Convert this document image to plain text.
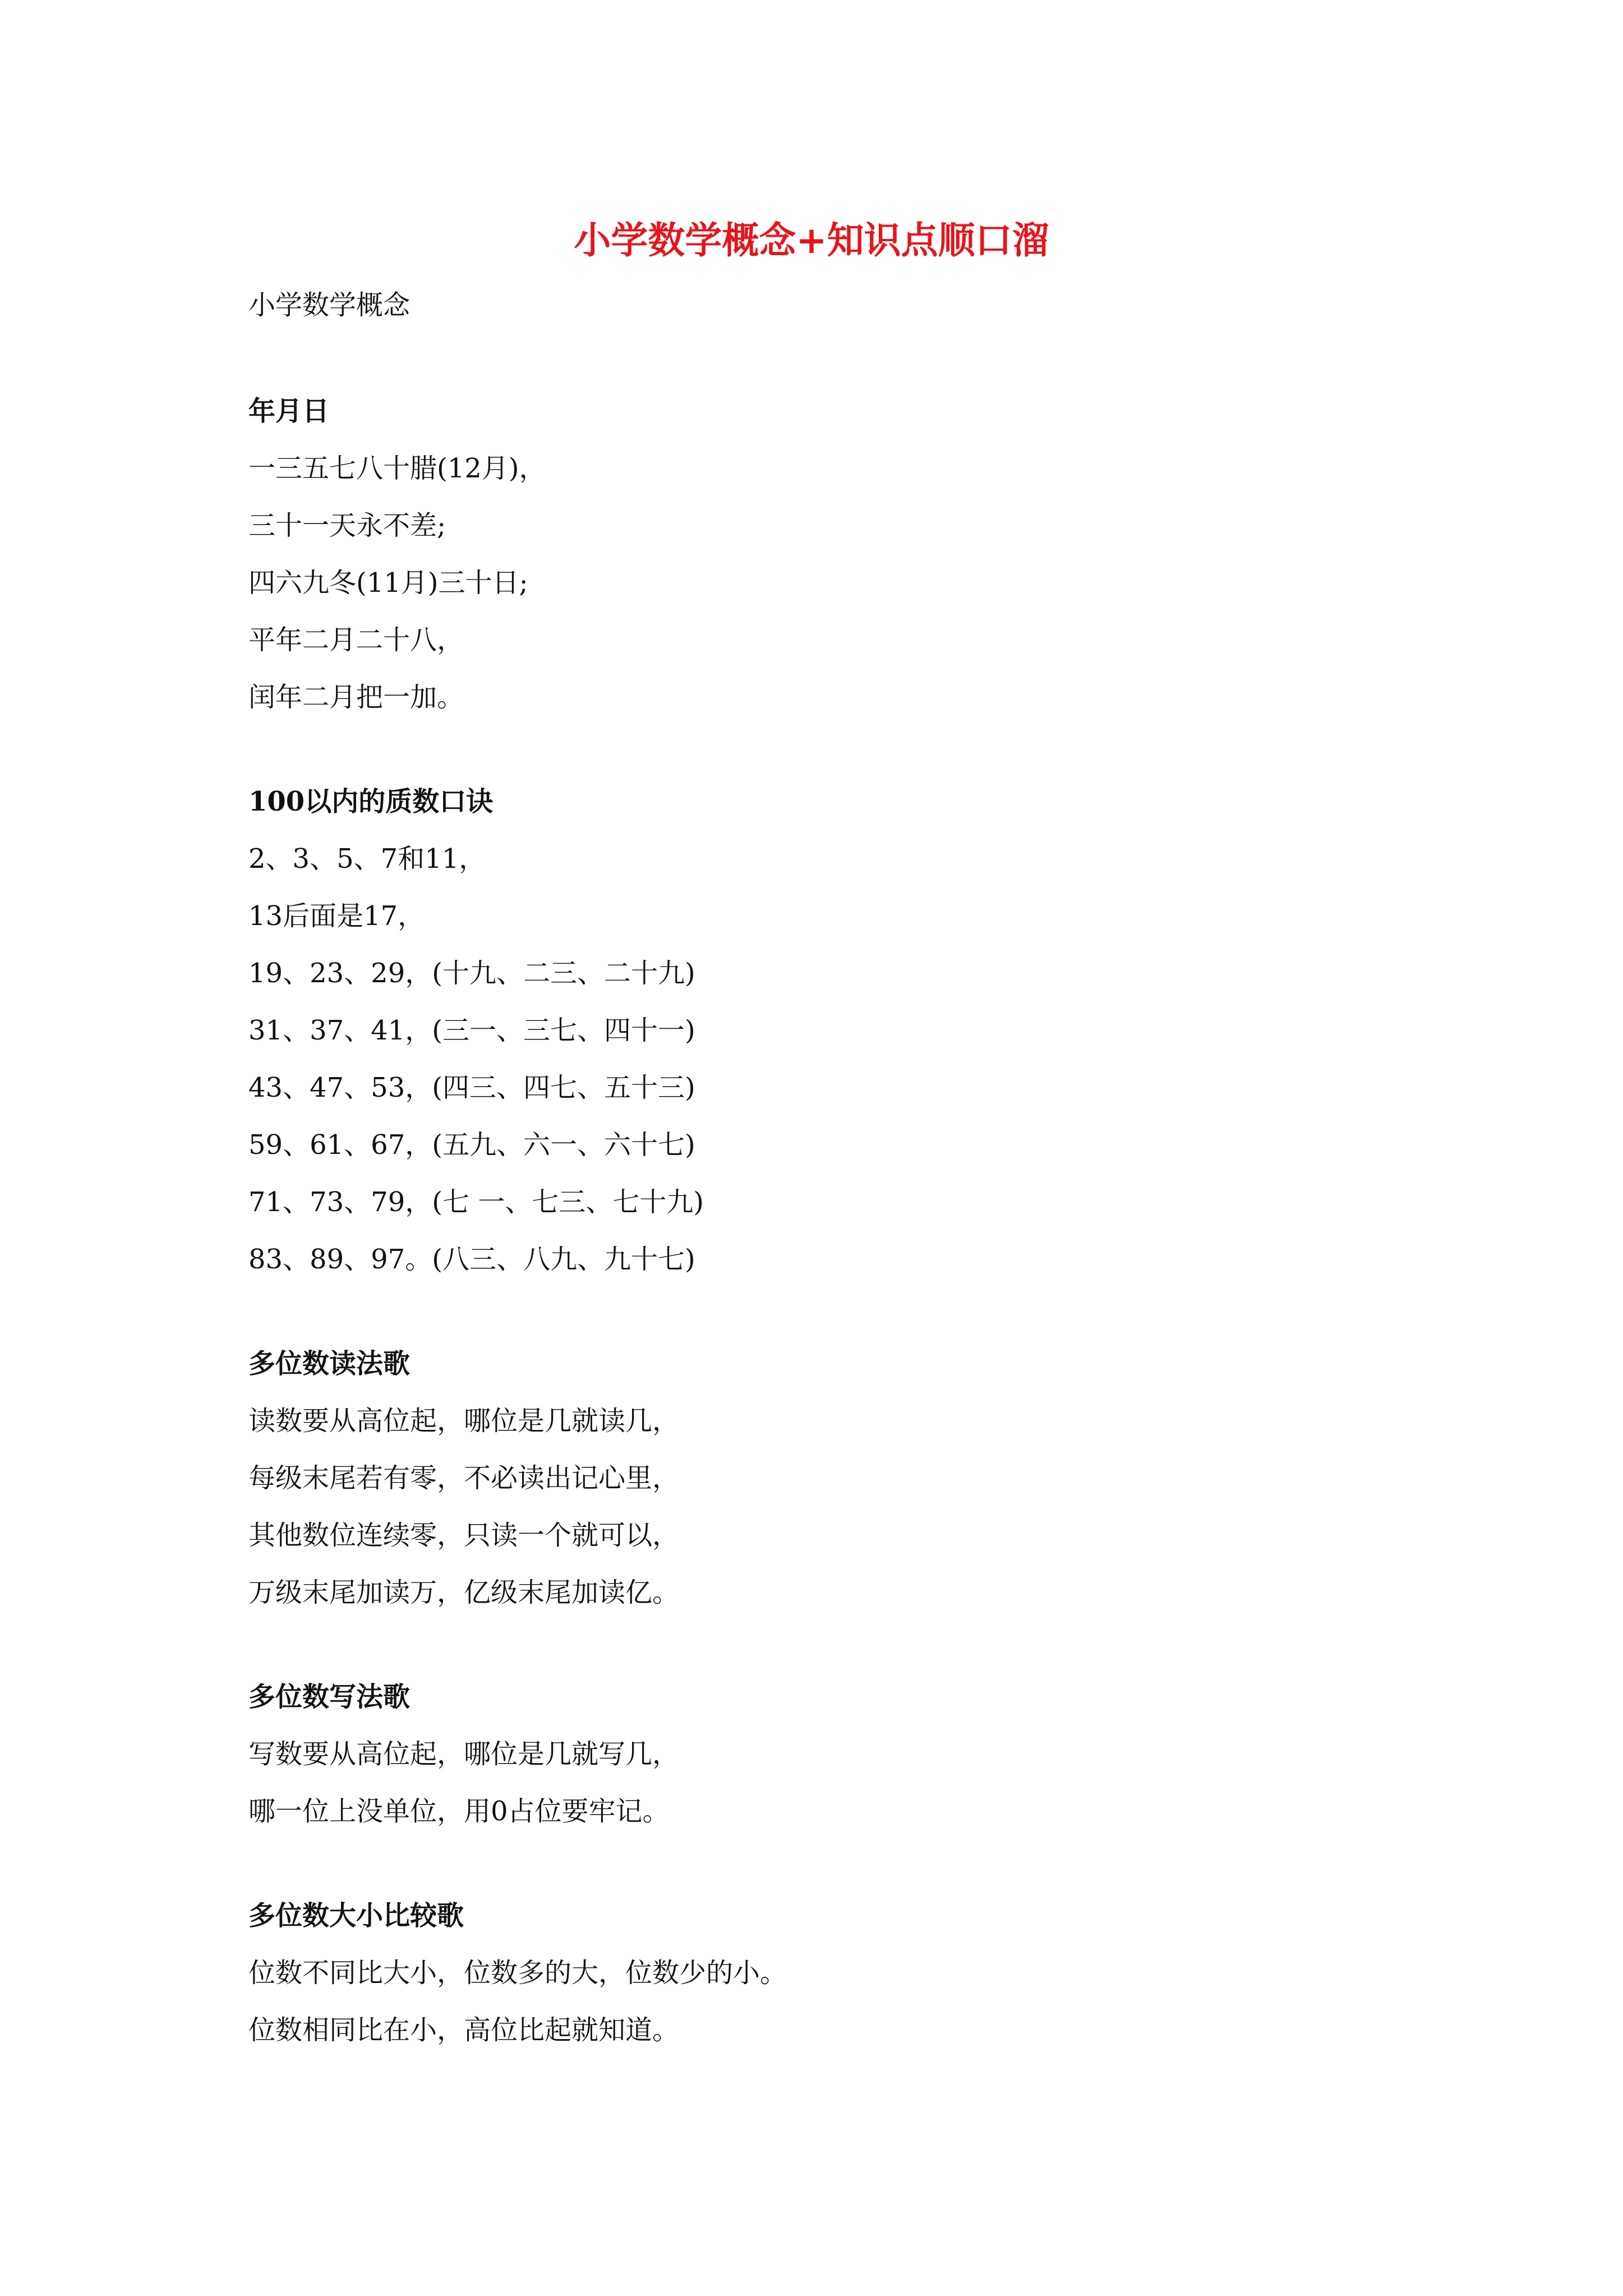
小学数学概念+知识点顺口溜

小学数学概念

年月日

一三五七八十腊(12月)，

三十一天永不差;

四六九冬(11月)三十日;

平年二月二十八，

闰年二月把一加。

100以内的质数口诀

2、3、5、7和11，

13后面是17，

19、23、29，(十九、二三、二十九)

31、37、41，(三一、三七、四十一)

43、47、53，(四三、四七、五十三)

59、61、67，(五九、六一、六十七)

71、73、79，(七 一、七三、七十九)

83、89、97。(八三、八九、九十七)

多位数读法歌

读数要从高位起，哪位是几就读几，

每级末尾若有零，不必读出记心里，

其他数位连续零，只读一个就可以，

万级末尾加读万，亿级末尾加读亿。

多位数写法歌

写数要从高位起，哪位是几就写几，

哪一位上没单位，用0占位要牢记。

多位数大小比较歌

位数不同比大小，位数多的大，位数少的小。

位数相同比在小，高位比起就知道。
